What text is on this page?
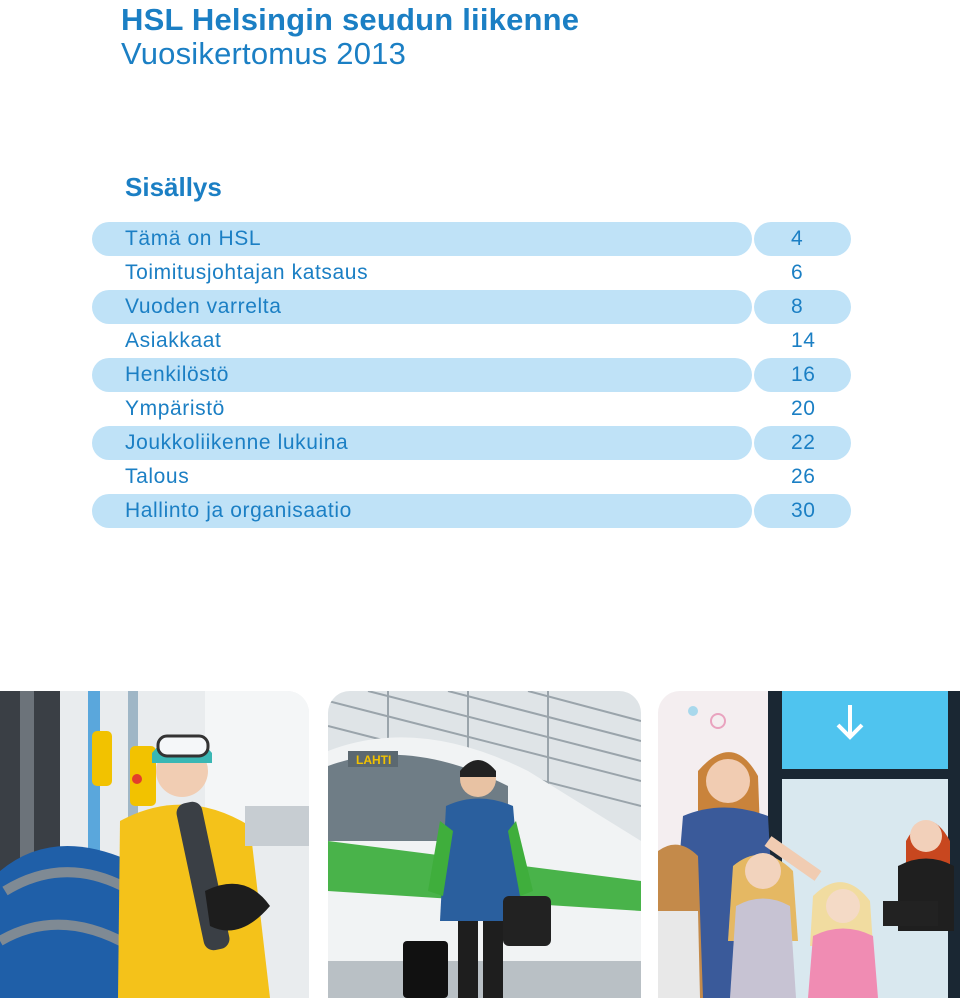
HSL Helsingin seudun liikenne
Vuosikertomus 2013
Sisällys
Tämä on HSL	4
Toimitusjohtajan katsaus	6
Vuoden varrelta	8
Asiakkaat	14
Henkilöstö	16
Ympäristö	20
Joukkoliikenne lukuina	22
Talous	26
Hallinto ja organisaatio	30
LAHTI
